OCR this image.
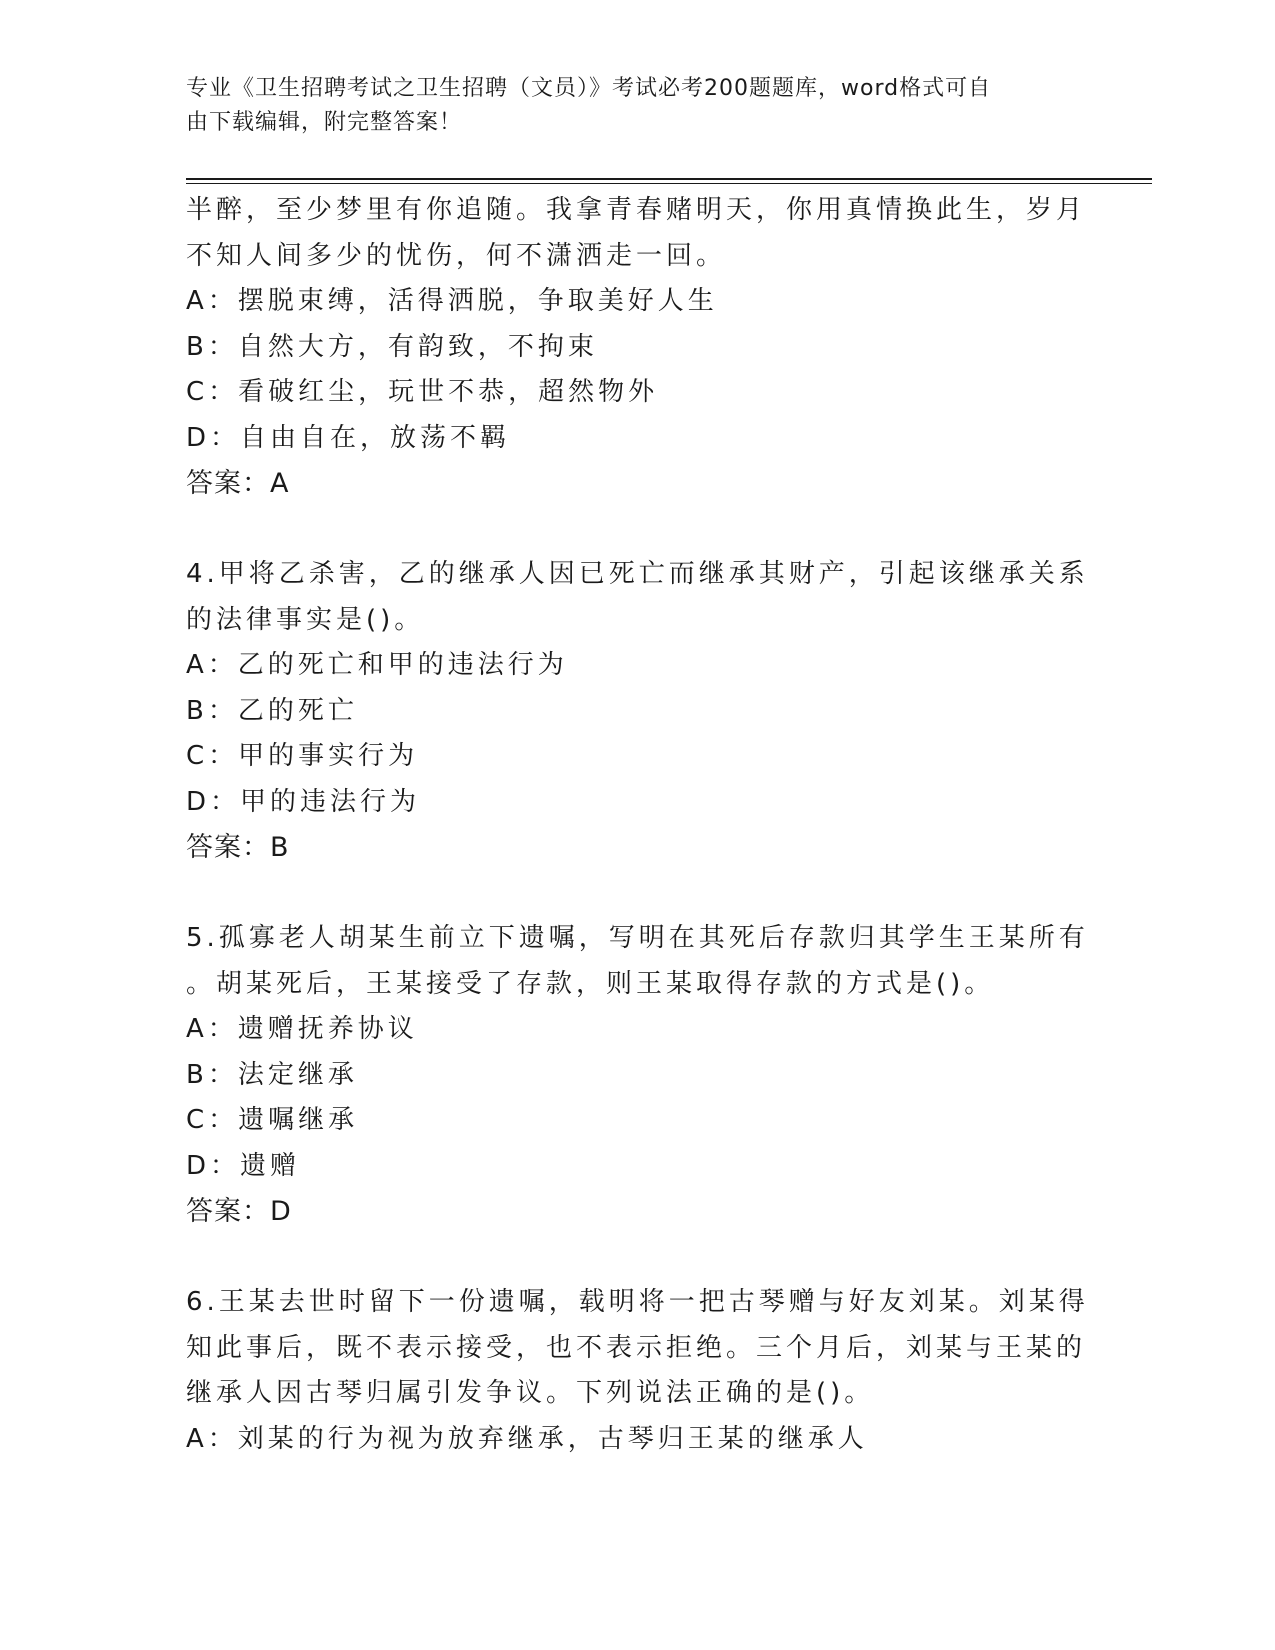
专业《卫生招聘考试之卫生招聘（文员）》考试必考200题题库，word格式可自
由下载编辑，附完整答案！
半醉，至少梦里有你追随。我拿青春赌明天，你用真情换此生，岁月
不知人间多少的忧伤，何不潇洒走一回。
A：摆脱束缚，活得洒脱，争取美好人生
B：自然大方，有韵致，不拘束
C：看破红尘，玩世不恭，超然物外
D：自由自在，放荡不羁
答案：A
4.甲将乙杀害，乙的继承人因已死亡而继承其财产，引起该继承关系
的法律事实是()。
A：乙的死亡和甲的违法行为
B：乙的死亡
C：甲的事实行为
D：甲的违法行为
答案：B
5.孤寡老人胡某生前立下遗嘱，写明在其死后存款归其学生王某所有
。胡某死后，王某接受了存款，则王某取得存款的方式是()。
A：遗赠抚养协议
B：法定继承
C：遗嘱继承
D：遗赠
答案：D
6.王某去世时留下一份遗嘱，载明将一把古琴赠与好友刘某。刘某得
知此事后，既不表示接受，也不表示拒绝。三个月后，刘某与王某的
继承人因古琴归属引发争议。下列说法正确的是()。
A：刘某的行为视为放弃继承，古琴归王某的继承人
